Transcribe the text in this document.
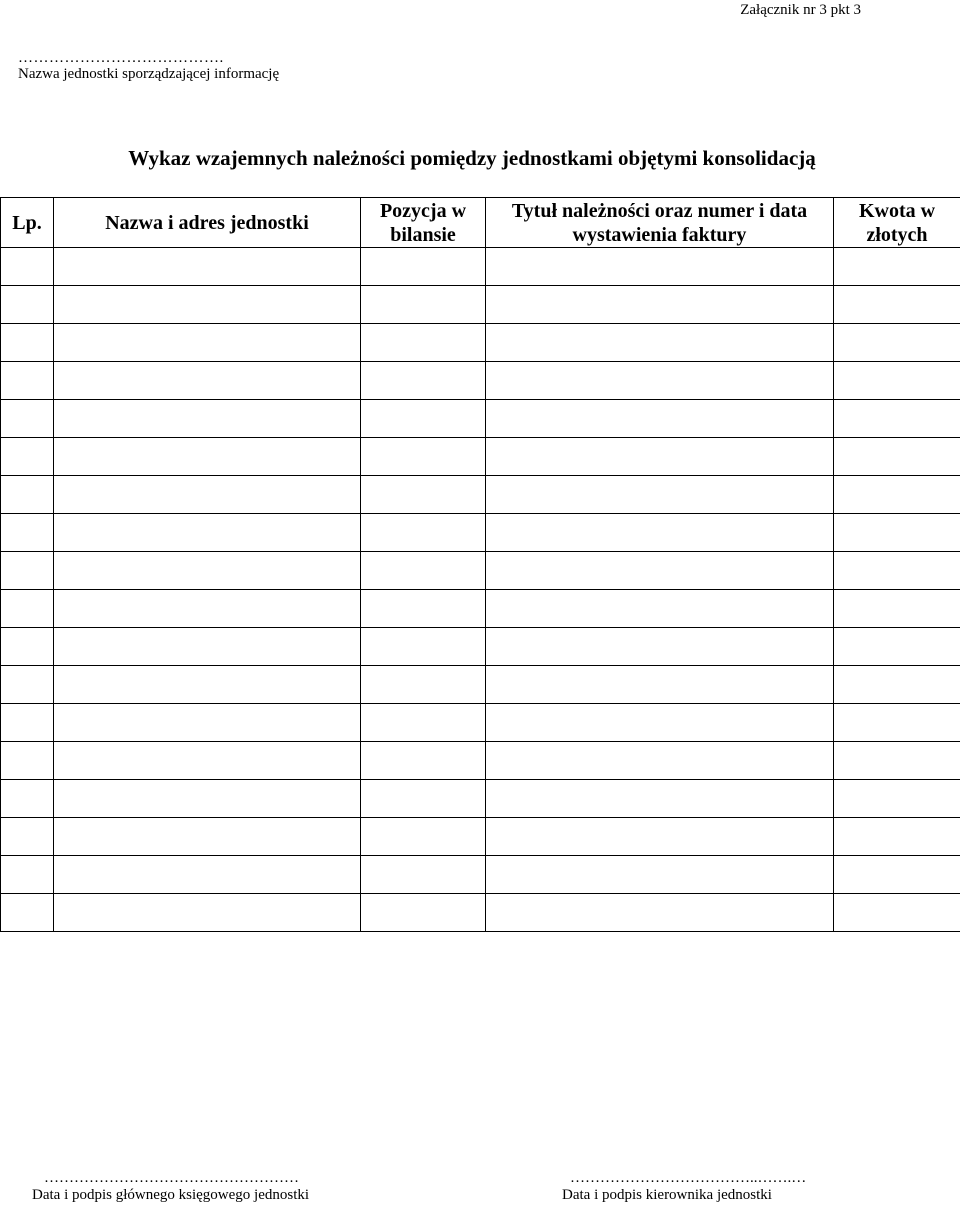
Załącznik nr 3 pkt 3
………………………………….
Nazwa jednostki sporządzającej informację
Wykaz wzajemnych należności pomiędzy jednostkami objętymi konsolidacją
Lp.	Nazwa i adres jednostki	Pozycja w bilansie	Tytuł należności oraz numer i data wystawienia faktury	Kwota w złotych

……………………………………………
Data i podpis głównego księgowego jednostki
………………………………..…….…
Data i podpis kierownika jednostki
